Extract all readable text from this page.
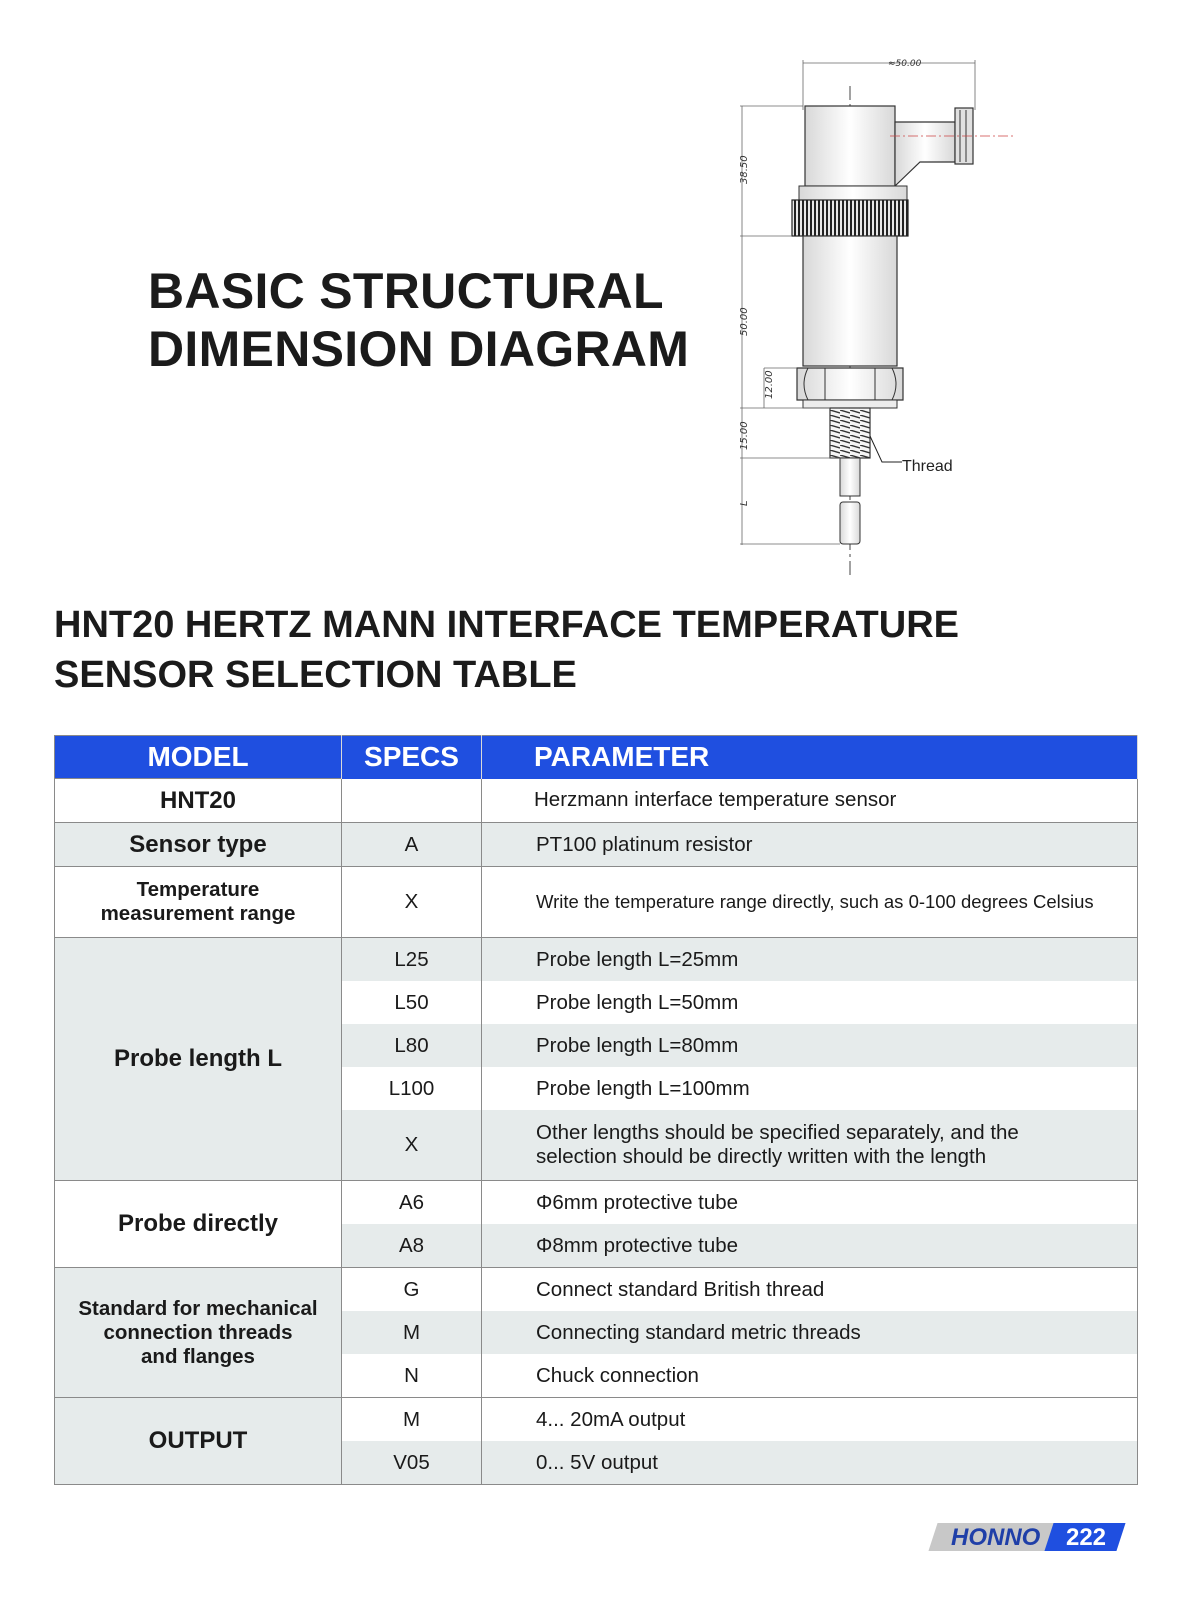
BASIC STRUCTURAL
DIMENSION DIAGRAM
≈50.00
Thread
38.50
50.00
12.00
15.00
L
HNT20 HERTZ MANN INTERFACE TEMPERATURE
SENSOR SELECTION TABLE
MODEL	SPECS	PARAMETER
HNT20		Herzmann interface temperature sensor
Sensor type	A	PT100 platinum resistor

Temperature
measurement range	X	Write the temperature range directly, such as 0-100 degrees Celsius
Probe length L	L25	Probe length L=25mm
	L50	Probe length L=50mm
	L80	Probe length L=80mm
	L100	Probe length L=100mm
	X	Other lengths should be specified separately, and the
selection should be directly written with the length

Probe directly	A6	Φ6mm protective tube
	A8	Φ8mm protective tube

Standard for mechanical
connection threads
and flanges	G	Connect standard British thread
	M	Connecting standard metric threads
	N	Chuck connection
OUTPUT	M	4... 20mA output
	V05	0... 5V output
HONNO	222
